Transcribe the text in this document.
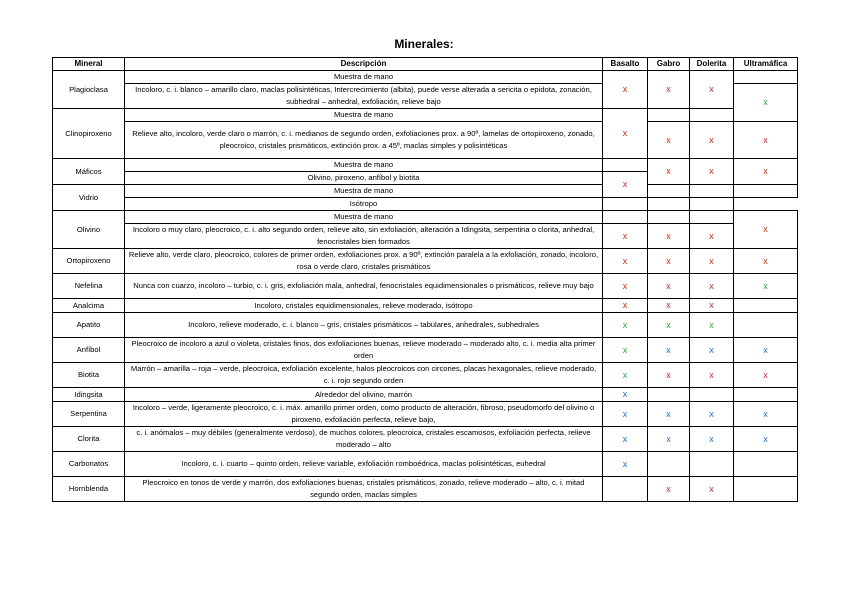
Minerales:
Mineral	Descripción	Basalto	Gabro	Dolerita	Ultramáfica
Plagioclasa	Muestra de mano	x	x	x	
	Incoloro, c. i. blanco – amarillo claro, maclas polisintéticas, Intercrecimiento (albita), puede verse alterada a sericita o epidota, zonación, subhedral – anhedral, exfoliación, relieve bajo				x
Clinopiroxeno	Muestra de mano	x			
	Relieve alto, incoloro, verde claro o marrón, c. i. medianos de segundo orden, exfoliaciones prox. a 90º, lamelas de ortopiroxeno, zonado, pleocroico, cristales prismáticos, extinción prox. a 45º, maclas simples y polisintéticas		x	x	x
Máficos	Muestra de mano		x	x	x
	Olivino, piroxeno, anfíbol y biotita	x			
Vidrio	Muestra de mano				
	Isótropo				
Olivino	Muestra de mano				x
	Incoloro o muy claro, pleocroico, c. i. alto segundo orden, relieve alto, sin exfoliación, alteración a Idingsita, serpentina o clorita, anhedral, fenocristales bien formados	x	x	x	
Ortopiroxeno	Relieve alto, verde claro, pleocroico, colores de primer orden, exfoliaciones prox. a 90º, extinción paralela a la exfoliación, zonado, incoloro, rosa o verde claro, cristales prismáticos	x	x	x	x
Nefelina	Nunca con cuarzo, incoloro – turbio, c. i. gris, exfoliación mala, anhedral, fenocristales equidimensionales o prismáticos, relieve muy bajo	x	x	x	x
Analcima	Incoloro, cristales equidimensionales, relieve moderado, isótropo	x	x	x	
Apatito	Incoloro, relieve moderado, c. i. blanco – gris, cristales prismáticos – tabulares, anhedrales, subhedrales	x	x	x	
Anfíbol	Pleocroico de incoloro a azul o violeta, cristales finos, dos exfoliaciones buenas, relieve moderado – moderado alto, c. i. media alta primer orden	x	x	x	x
Biotita	Marrón – amarilla – roja – verde, pleocroica, exfoliación excelente, halos pleocroicos con circones, placas hexagonales, relieve moderado, c. i. rojo segundo orden	x	x	x	x
Idingsita	Alrededor del olivino, marrón	x			
Serpentina	Incoloro – verde, ligeramente pleocroico, c. i. máx. amarillo primer orden, como producto de alteración, fibroso, pseudomorfo del olivino o piroxeno, exfoliación perfecta, relieve bajo,	x	x	x	x
Clorita	c. i. anómalos – muy débiles (generalmente verdoso), de muchos colores, pleocroica, cristales escamosos, exfoliación perfecta, relieve moderado – alto	x	x	x	x
Carbonatos	Incoloro, c. i. cuarto – quinto orden, relieve variable, exfoliación romboédrica, maclas polisintéticas, euhedral	x			
Hornblenda	Pleocroico en tonos de verde y marrón, dos exfoliaciones buenas, cristales prismáticos, zonado, relieve moderado – alto, c. i. mitad segundo orden, maclas simples		x	x	
